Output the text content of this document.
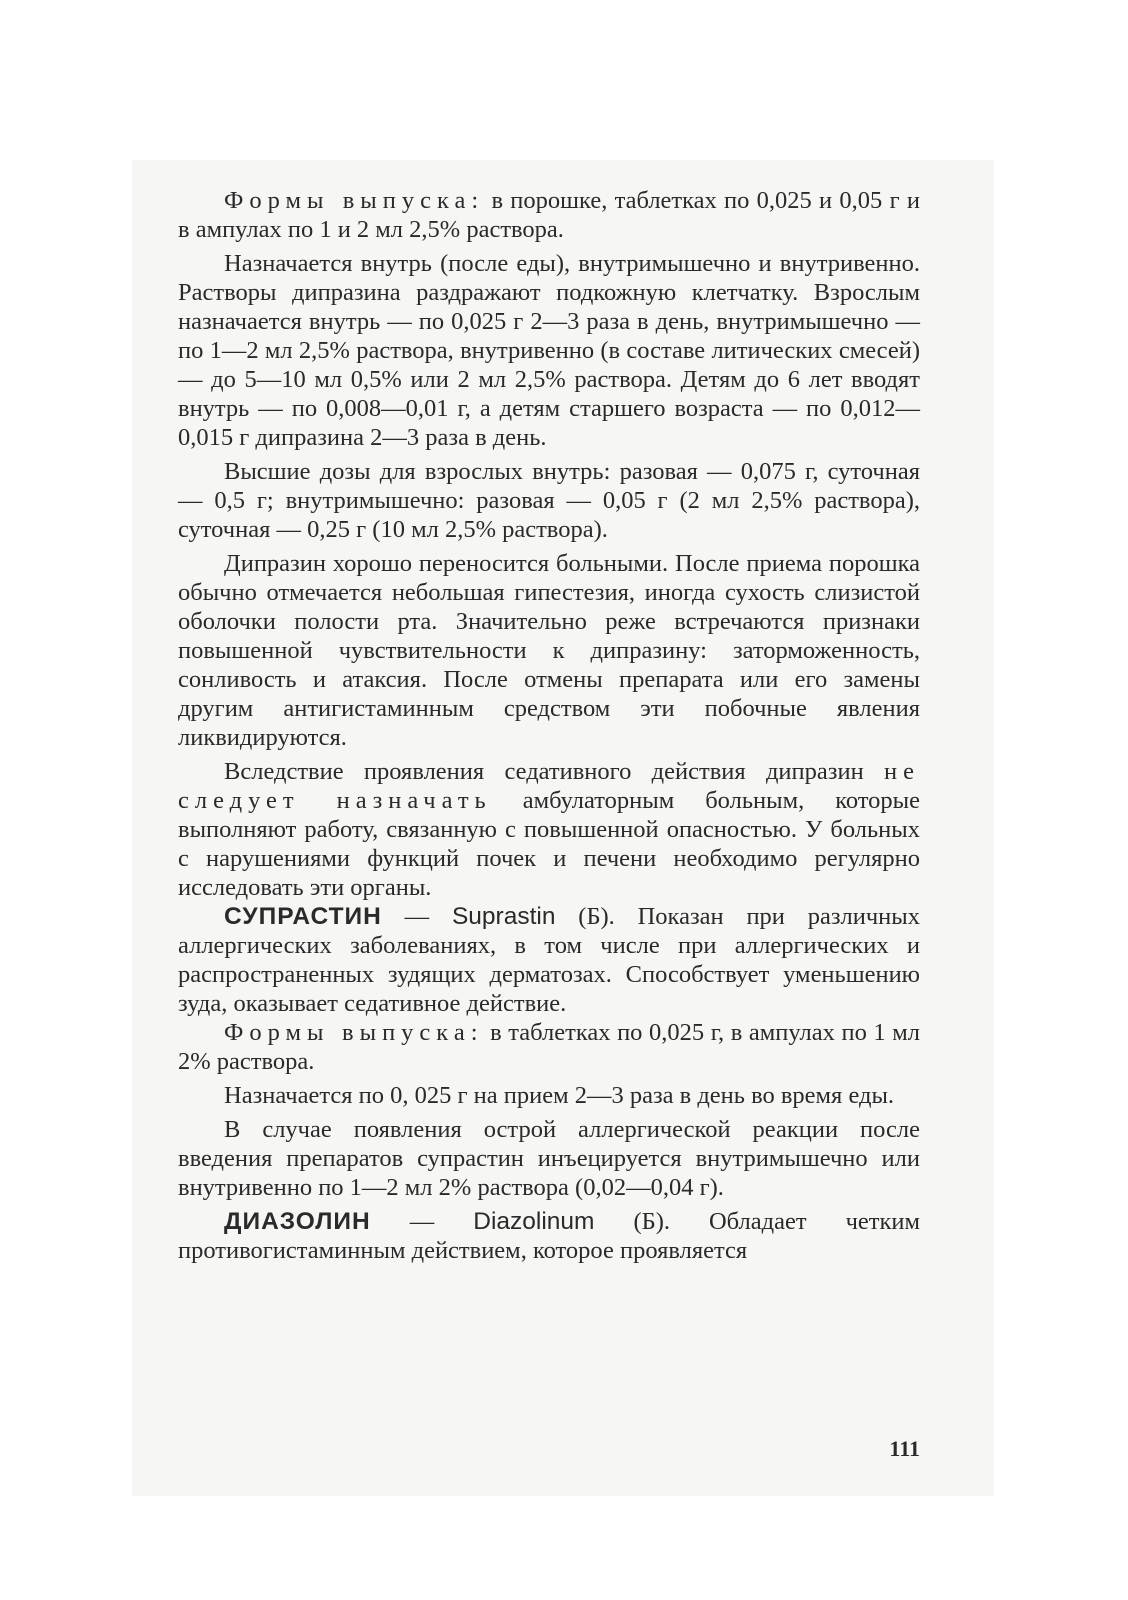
Формы выпуска: в порошке, таблетках по 0,025 и 0,05 г и в ампулах по 1 и 2 мл 2,5% раствора.

Назначается внутрь (после еды), внутримышечно и внутривенно. Растворы дипразина раздражают подкожную клетчатку. Взрослым назначается внутрь — по 0,025 г 2—3 раза в день, внутримышечно — по 1—2 мл 2,5% раствора, внутривенно (в составе литических смесей) — до 5—10 мл 0,5% или 2 мл 2,5% раствора. Детям до 6 лет вводят внутрь — по 0,008—0,01 г, а детям старшего возраста — по 0,012—0,015 г дипразина 2—3 раза в день.

Высшие дозы для взрослых внутрь: разовая — 0,075 г, суточная — 0,5 г; внутримышечно: разовая — 0,05 г (2 мл 2,5% раствора), суточная — 0,25 г (10 мл 2,5% раствора).

Дипразин хорошо переносится больными. После приема порошка обычно отмечается небольшая гипестезия, иногда сухость слизистой оболочки полости рта. Значительно реже встречаются признаки повышенной чувствительности к дипразину: заторможенность, сонливость и атаксия. После отмены препарата или его замены другим антигистаминным средством эти побочные явления ликвидируются.

Вследствие проявления седативного действия дипразин не следует назначать амбулаторным больным, которые выполняют работу, связанную с повышенной опасностью. У больных с нарушениями функций почек и печени необходимо регулярно исследовать эти органы.

СУПРАСТИН — Suprastin (Б). Показан при различных аллергических заболеваниях, в том числе при аллергических и распространенных зудящих дерматозах. Способствует уменьшению зуда, оказывает седативное действие.

Формы выпуска: в таблетках по 0,025 г, в ампулах по 1 мл 2% раствора.

Назначается по 0, 025 г на прием 2—3 раза в день во время еды.

В случае появления острой аллергической реакции после введения препаратов супрастин инъецируется внутримышечно или внутривенно по 1—2 мл 2% раствора (0,02—0,04 г).

ДИАЗОЛИН — Diazolinum (Б). Обладает четким противогистаминным действием, которое проявляется

111
